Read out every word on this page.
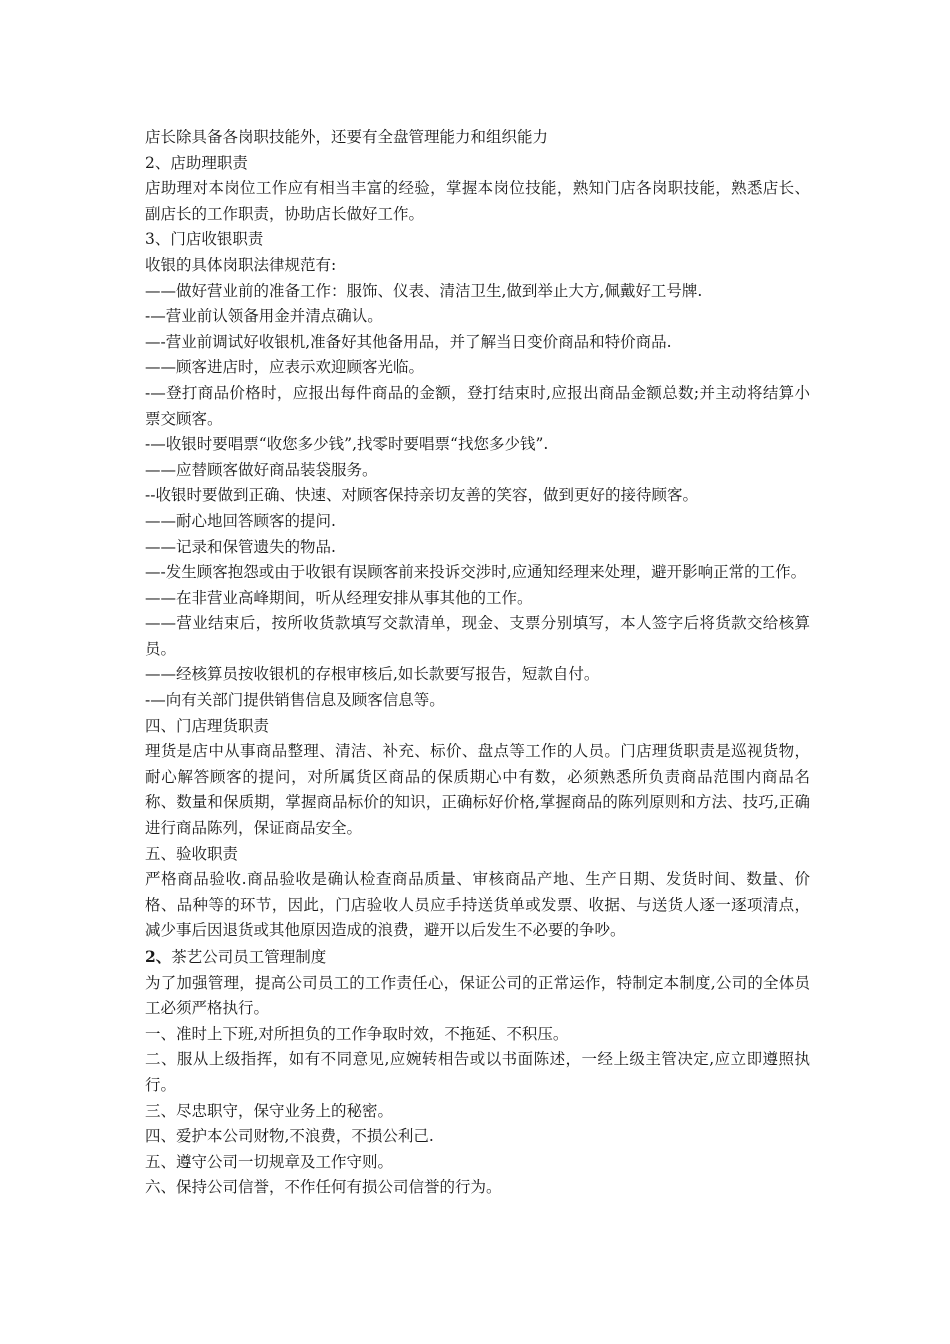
店长除具备各岗职技能外，还要有全盘管理能力和组织能力

2、店助理职责

店助理对本岗位工作应有相当丰富的经验，掌握本岗位技能，熟知门店各岗职技能，熟悉店长、副店长的工作职责，协助店长做好工作。

3、门店收银职责

收银的具体岗职法律规范有:

——做好营业前的准备工作：服饰、仪表、清洁卫生,做到举止大方,佩戴好工号牌.

-—营业前认领备用金并清点确认。

—-营业前调试好收银机,准备好其他备用品，并了解当日变价商品和特价商品.

——顾客进店时，应表示欢迎顾客光临。

-—登打商品价格时，应报出每件商品的金额，登打结束时,应报出商品金额总数;并主动将结算小票交顾客。

-—收银时要唱票“收您多少钱”,找零时要唱票“找您多少钱”.

——应替顾客做好商品装袋服务。

--收银时要做到正确、快速、对顾客保持亲切友善的笑容，做到更好的接待顾客。

——耐心地回答顾客的提问.

——记录和保管遗失的物品.

—-发生顾客抱怨或由于收银有误顾客前来投诉交涉时,应通知经理来处理，避开影响正常的工作。

——在非营业高峰期间，听从经理安排从事其他的工作。

——营业结束后，按所收货款填写交款清单，现金、支票分别填写，本人签字后将货款交给核算员。

——经核算员按收银机的存根审核后,如长款要写报告，短款自付。

-—向有关部门提供销售信息及顾客信息等。

四、门店理货职责

理货是店中从事商品整理、清洁、补充、标价、盘点等工作的人员。门店理货职责是巡视货物，耐心解答顾客的提问，对所属货区商品的保质期心中有数，必须熟悉所负责商品范围内商品名称、数量和保质期，掌握商品标价的知识，正确标好价格,掌握商品的陈列原则和方法、技巧,正确进行商品陈列，保证商品安全。

五、验收职责

严格商品验收.商品验收是确认检查商品质量、审核商品产地、生产日期、发货时间、数量、价格、品种等的环节，因此，门店验收人员应手持送货单或发票、收据、与送货人逐一逐项清点，减少事后因退货或其他原因造成的浪费，避开以后发生不必要的争吵。

2、茶艺公司员工管理制度

为了加强管理，提高公司员工的工作责任心，保证公司的正常运作，特制定本制度,公司的全体员工必须严格执行。

一、准时上下班,对所担负的工作争取时效，不拖延、不积压。

二、服从上级指挥，如有不同意见,应婉转相告或以书面陈述，一经上级主管决定,应立即遵照执行。

三、尽忠职守，保守业务上的秘密。

四、爱护本公司财物,不浪费，不损公利己.

五、遵守公司一切规章及工作守则。

六、保持公司信誉，不作任何有损公司信誉的行为。
